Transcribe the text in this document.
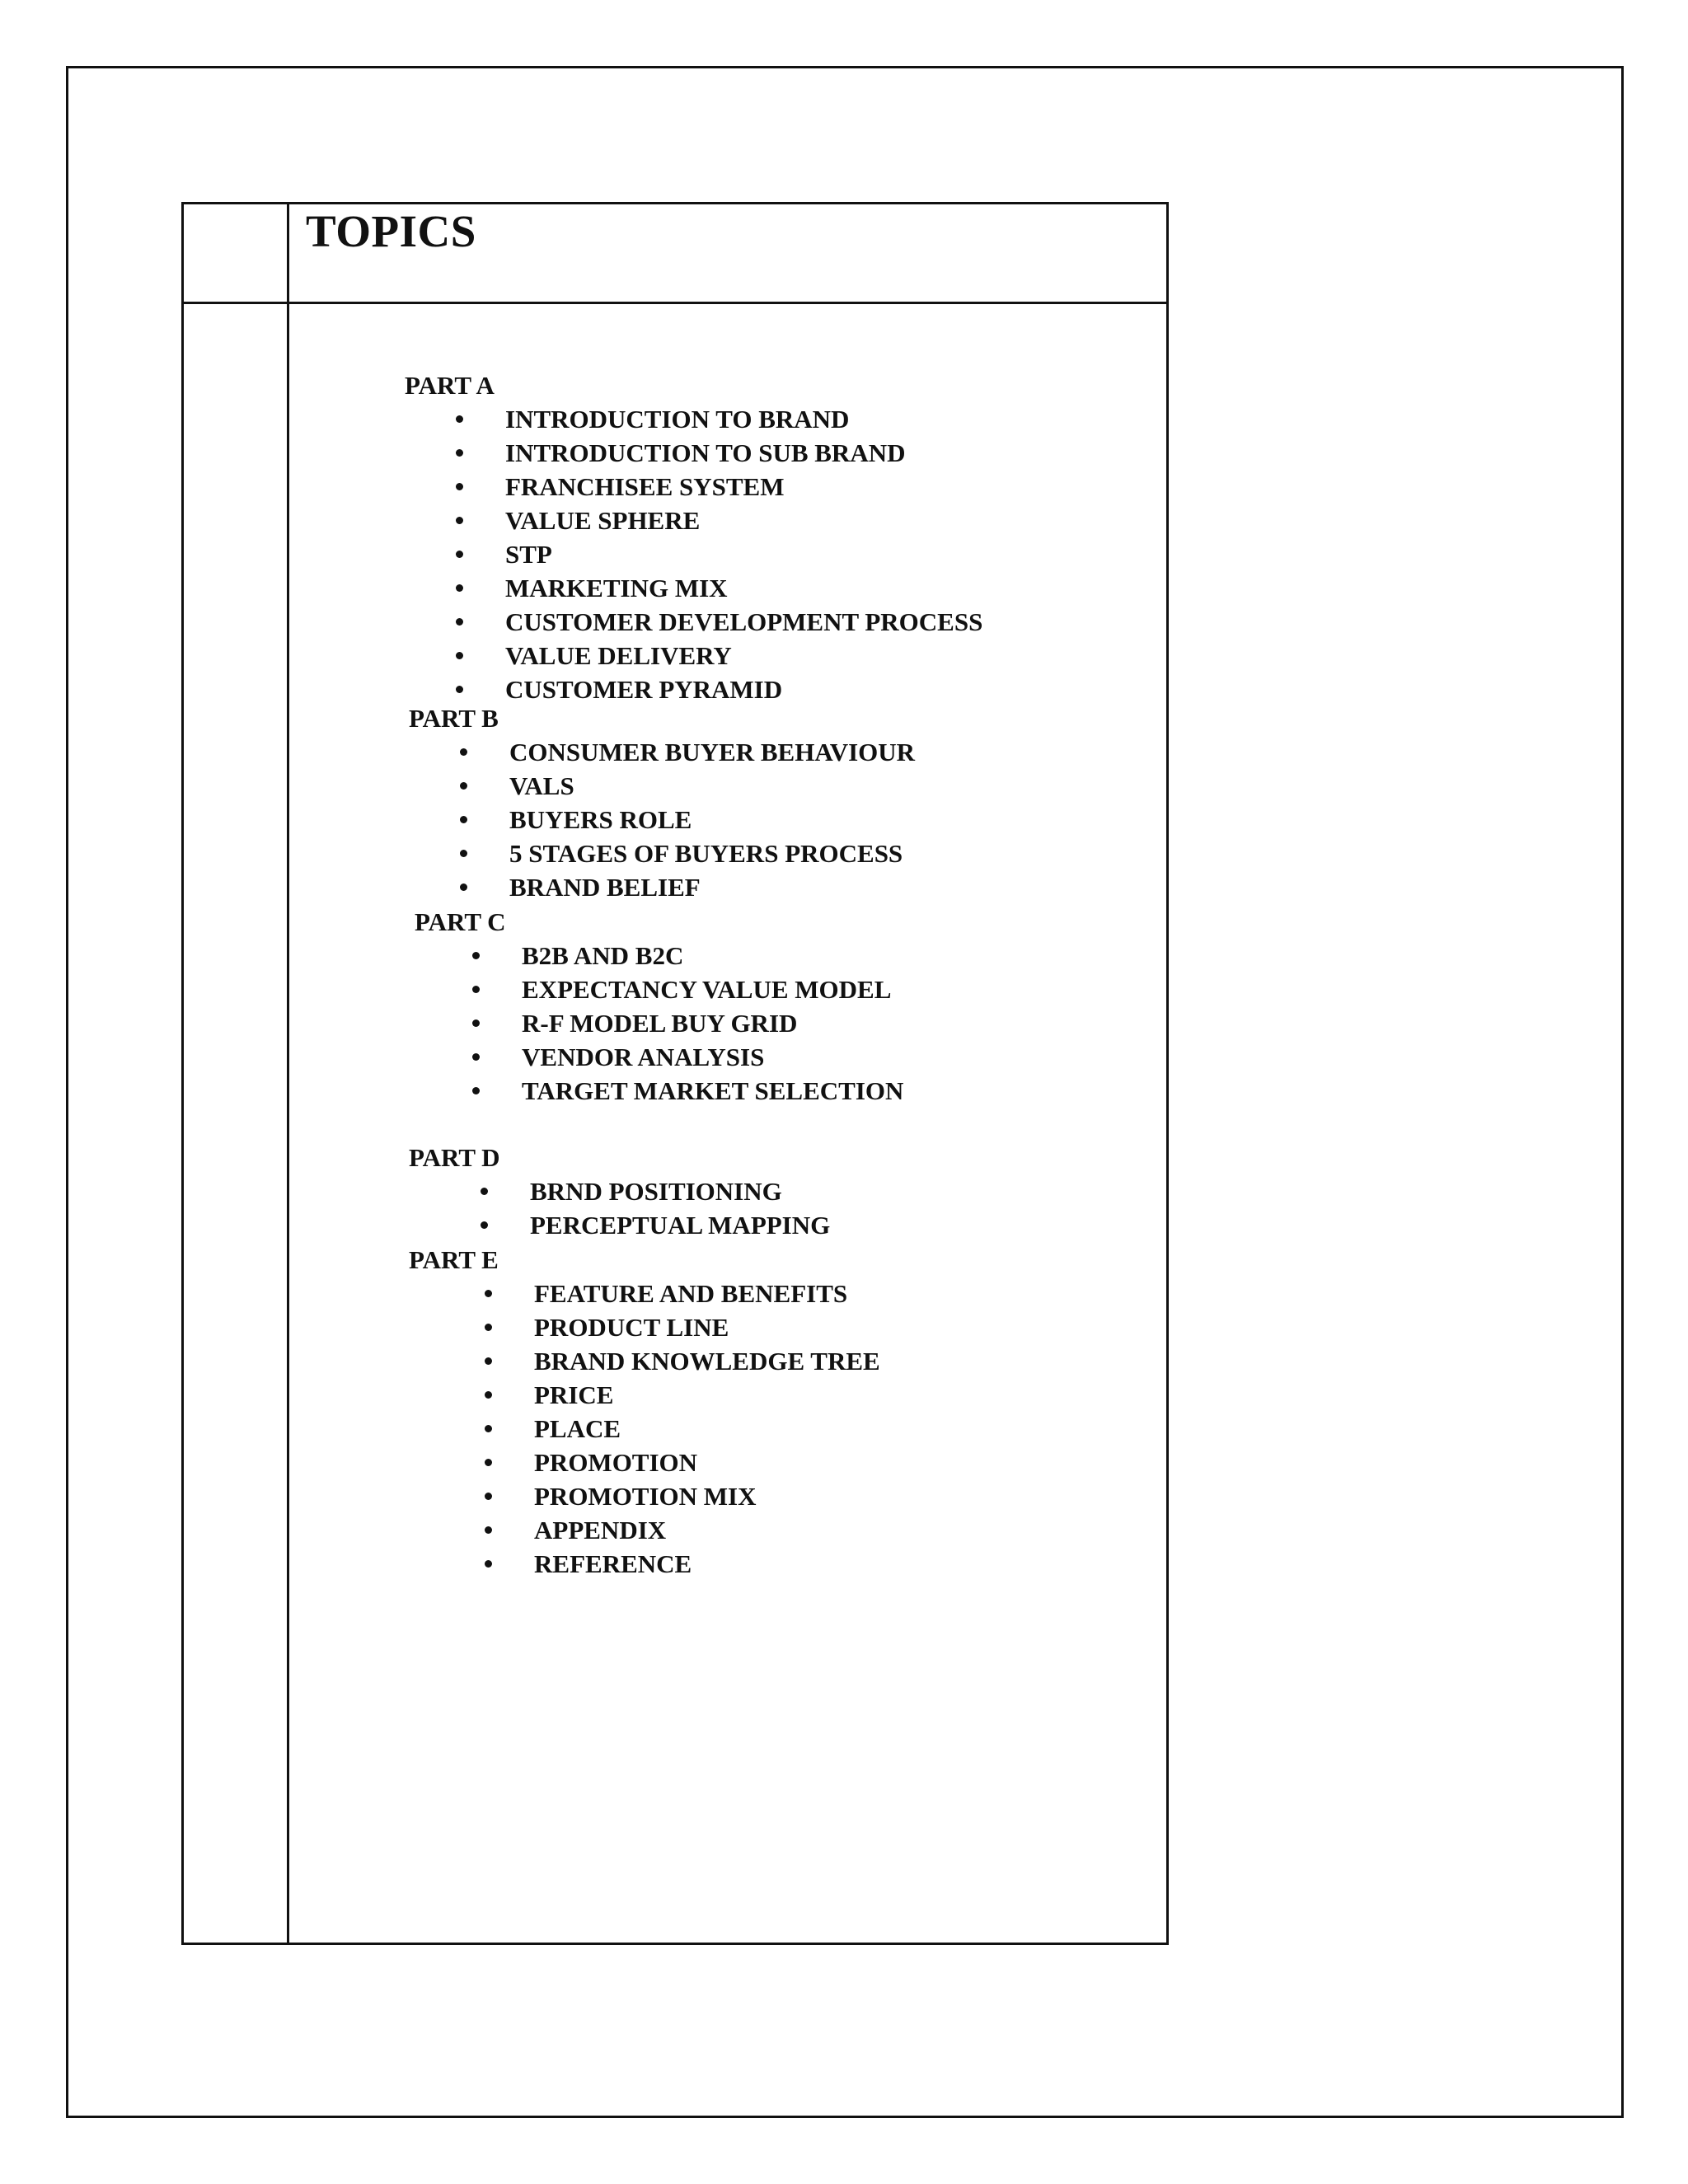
TOPICS
PART A
INTRODUCTION TO BRAND
INTRODUCTION TO SUB BRAND
FRANCHISEE SYSTEM
VALUE SPHERE
STP
MARKETING MIX
CUSTOMER DEVELOPMENT PROCESS
VALUE DELIVERY
CUSTOMER PYRAMID
PART B
CONSUMER BUYER BEHAVIOUR
VALS
BUYERS ROLE
5 STAGES OF BUYERS PROCESS
BRAND BELIEF
PART C
B2B AND B2C
EXPECTANCY VALUE MODEL
R-F MODEL BUY GRID
VENDOR ANALYSIS
TARGET MARKET SELECTION
PART D
BRND POSITIONING
PERCEPTUAL MAPPING
PART E
FEATURE AND BENEFITS
PRODUCT LINE
BRAND KNOWLEDGE TREE
PRICE
PLACE
PROMOTION
PROMOTION MIX
APPENDIX
REFERENCE
